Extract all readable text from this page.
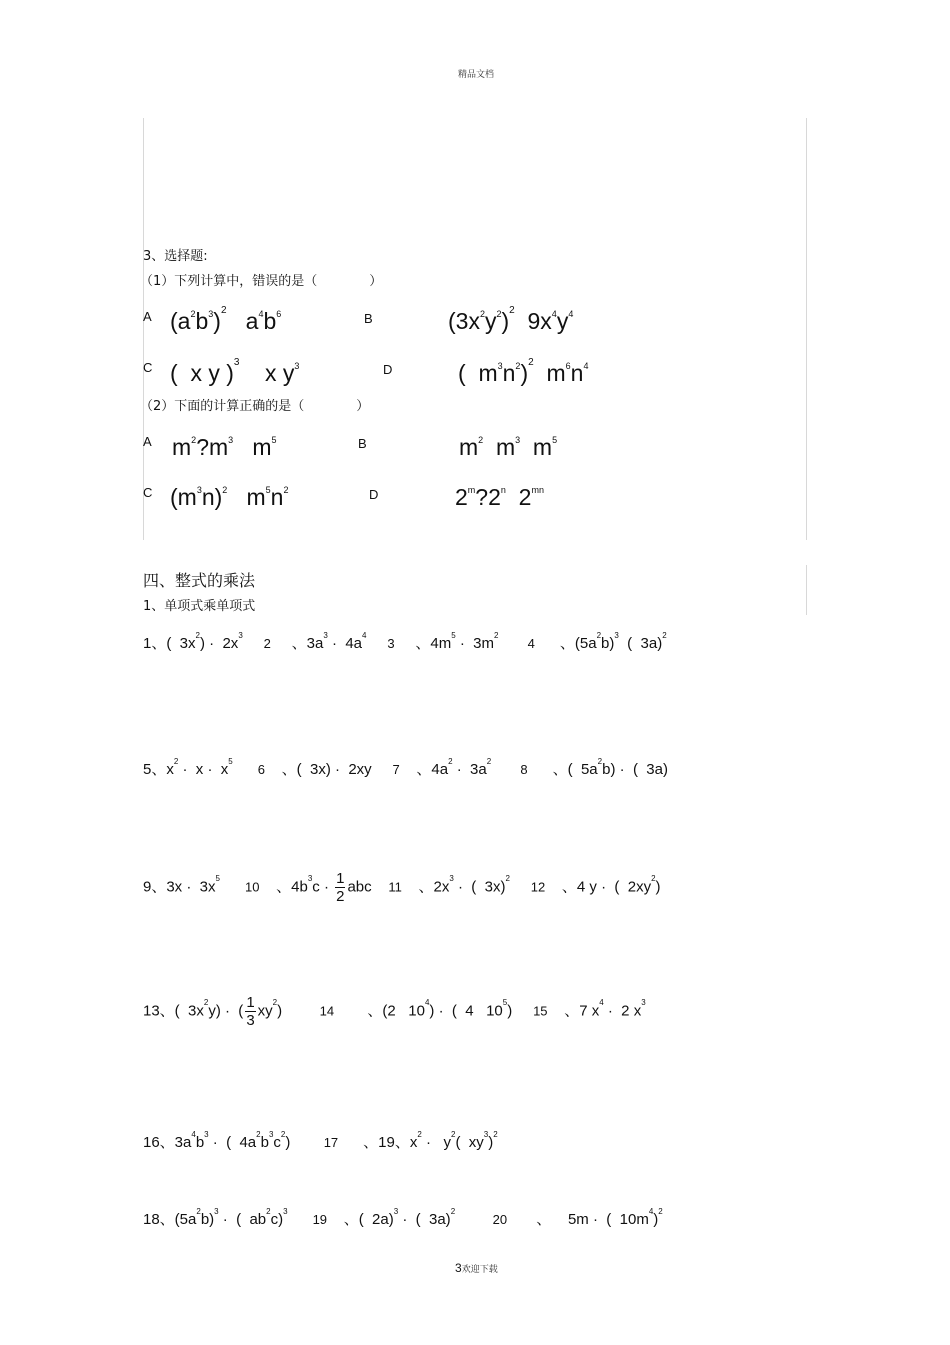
精品文档
3、选择题:
（1）下列计算中，错误的是（　　　　）
A $(a^2b^3)^2$   $a^4b^6$	B	$(3x^2y^2)^2$  $9x^4y^4$
C (  x y )$^3$    x $y^3$	D	(  $m^3n^2)^2$  $m^6n^4$
（2）下面的计算正确的是（　　　　）
A $m^2?m^3$   $m^5$	B	$m^2$  $m^3$  $m^5$
C $(m^3n)^2$   $m^5n^2$	D	2$^m$?2$^n$  $2^{mn}$
四、整式的乘法
1、单项式乘单项式
1、(  $3x^2) \cdot 2x^3$     2     、$3a^3 \cdot 4a^4$     3     、$4m^5 \cdot 3m^2$       4      、$(5a^2b)^3$  (  3a)$^2$
5、$x^2 \cdot x \cdot x^5$      6    、(  3x) ·  2xy     7    、$4a^2 \cdot 3a^2$       8      、(  $5a^2b$) ·  (  3a)
9、$3x \cdot 3x^5$      10    、$4b^3c \cdot \frac{1}{2}$ abc    11    、$2x^3$ ·  (  3x)$^2$     12    、4 y ·  (  $2xy^2$)
13、(  $3x^2y$) ·  ( $\frac{1}{3} xy^2$)         14        、(2   $10^4$) ·  (  4   $10^5$)     15    、7 $x^4 \cdot 2$ $x^3$
16、$3a^4b^3$ ·  (  $4a^2b^3c^2$)        17      、19、$x^2 \cdot y^2$(  $xy^3)^2$
18、$(5a^2b)^3$ ·  (  $ab^2c)^3$      19    、(  2a)$^3$ ·  (  3a)$^2$         20       、    5m ·  (  $10m^4)^2$
3欢迎下载
